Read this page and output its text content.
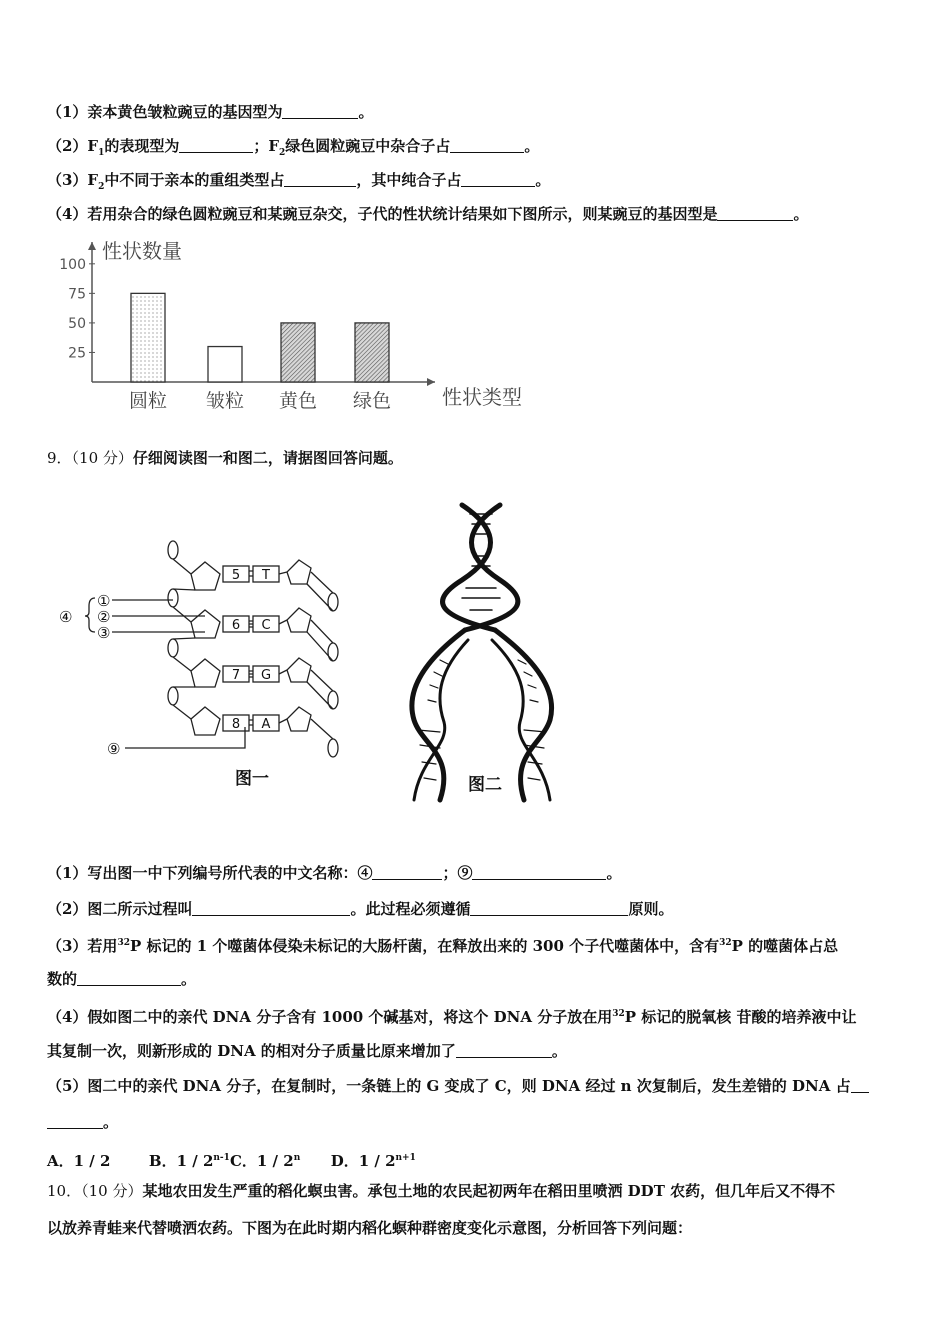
（1）亲本黄色皱粒豌豆的基因型为	。
$(2)F_1$的表现型为	；$F_2$绿色圆粒豌豆中杂合子占	。
$(3)F_2$中不同于亲本的重组类型占	，其中纯合子占	。
（4）若用杂合的绿色圆粒豌豆和某豌豆杂交，子代的性状统计结果如下图所示，则某豌豆的基因型是	。
100
75
50
25
圆粒 皱粒 黄色 绿色
性状数量
性状类型
9．（10 分）仔细阅读图一和图二，请据图回答问题。
④
①
②
③
⑨
5 T
6 C
7 G
8 A
图一	图二
（1）写出图一中下列编号所代表的中文名称：④	；⑨	。
（2）图二所示过程叫	。此过程必须遵循	原则。
（3）若用$^{32}$P 标记的 1 个噬菌体侵染未标记的大肠杆菌，在释放出来的 300 个子代噬菌体中，含有$^{32}$P 的噬菌体占总
数的	。
（4）假如图二中的亲代 DNA 分子含有 1000 个碱基对，将这个 DNA 分子放在用$^{32}$P 标记的脱氧核 苷酸的培养液中让
其复制一次，则新形成的 DNA 的相对分子质量比原来增加了	。
（5）图二中的亲代 DNA 分子，在复制时，一条链上的 G 变成了 C，则 DNA 经过 n 次复制后，发生差错的 DNA 占
。
A．1 / 2	B．1 / 2$^{n-1}$C．1 / 2$^n$ D．$1 / 2^{n+1}$
10．（10 分）某地农田发生严重的稻化螟虫害。承包土地的农民起初两年在稻田里喷洒 DDT 农药，但几年后又不得不
以放养青蛙来代替喷洒农药。下图为在此时期内稻化螟种群密度变化示意图，分析回答下列问题：
